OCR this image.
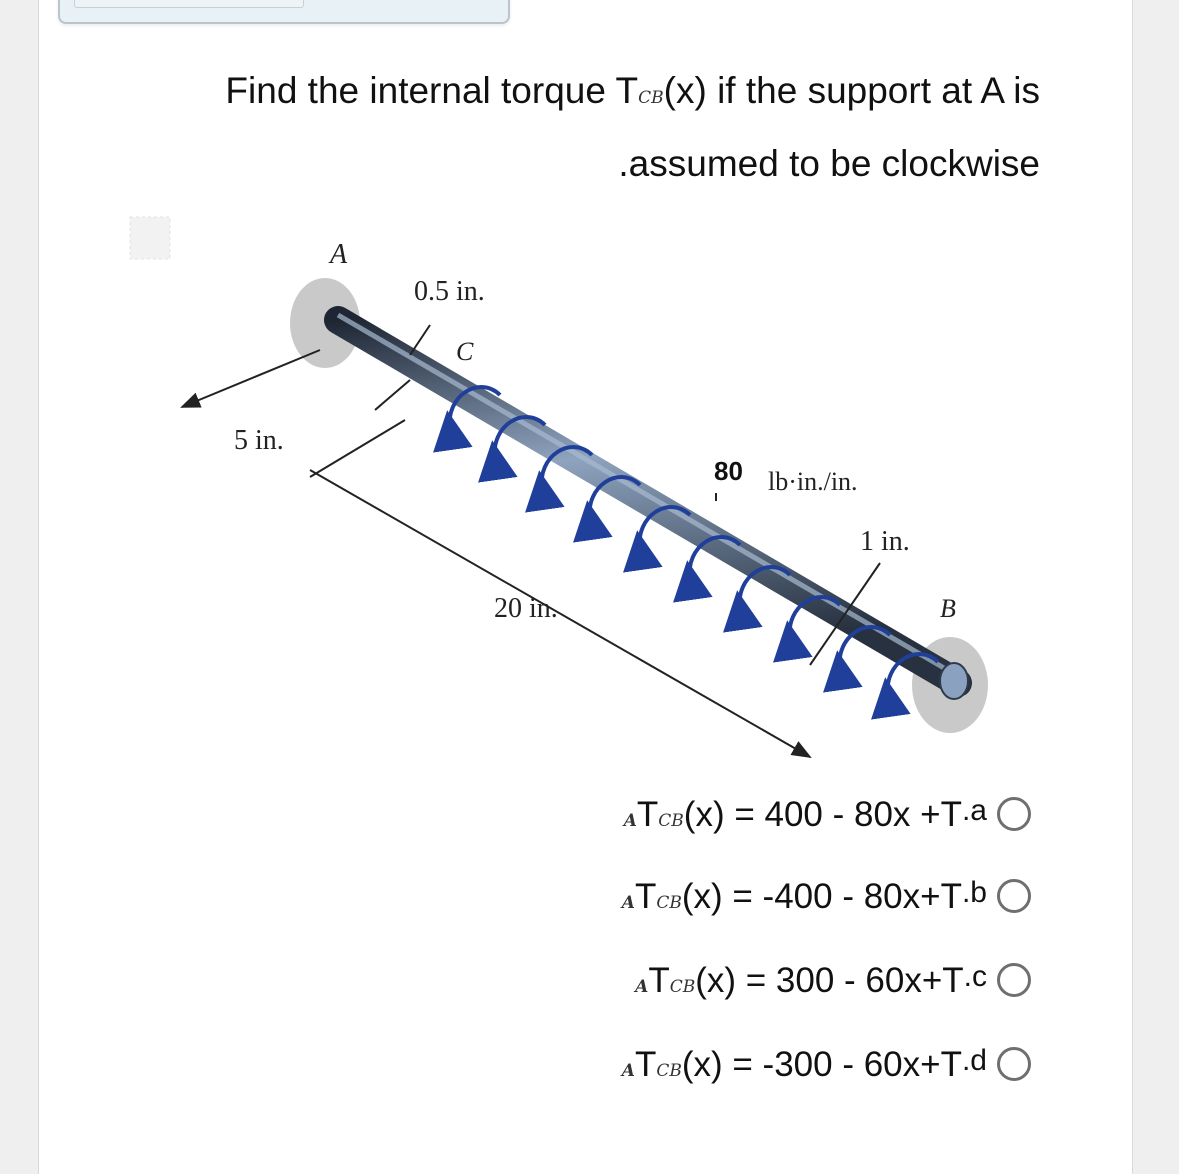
Find the internal torque TCB(x) if the support at A is
.assumed to be clockwise
A
C
B
0.5 in.
5 in.
20 in.
1 in.
80 lb·in./in.
ATCB(x) = 400 - 80x +T.a
ATCB(x) = -400 - 80x+T.b
ATCB(x) = 300 - 60x+T.c
ATCB(x) = -300 - 60x+T.d
